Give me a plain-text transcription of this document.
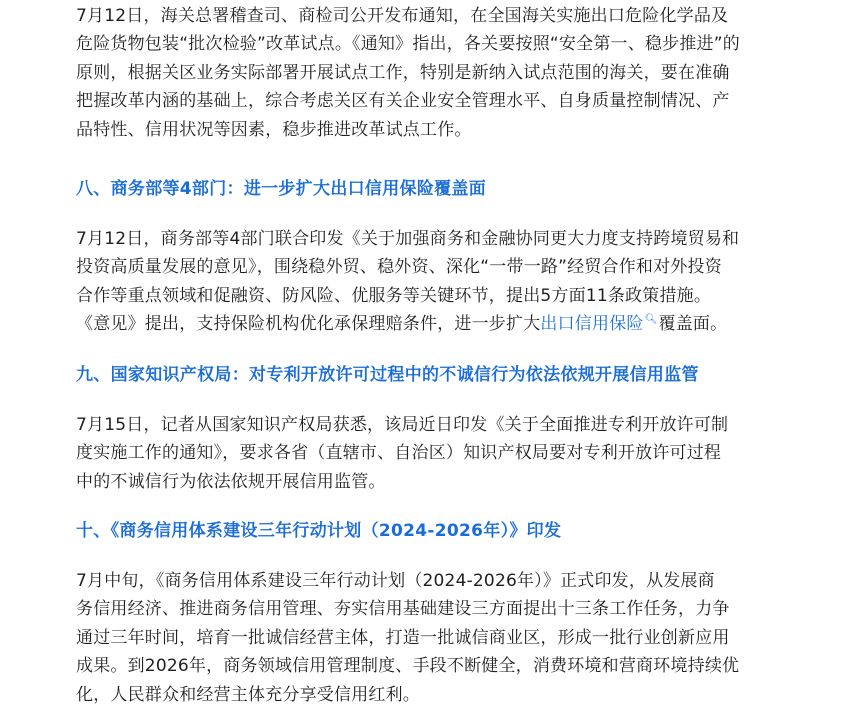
7月12日，海关总署稽查司、商检司公开发布通知，在全国海关实施出口危险化学品及
危险货物包装“批次检验”改革试点。《通知》指出，各关要按照“安全第一、稳步推进”的
原则，根据关区业务实际部署开展试点工作，特别是新纳入试点范围的海关，要在准确
把握改革内涵的基础上，综合考虑关区有关企业安全管理水平、自身质量控制情况、产
品特性、信用状况等因素，稳步推进改革试点工作。

八、商务部等4部门：进一步扩大出口信用保险覆盖面

7月12日，商务部等4部门联合印发《关于加强商务和金融协同更大力度支持跨境贸易和
投资高质量发展的意见》，围绕稳外贸、稳外资、深化“一带一路”经贸合作和对外投资
合作等重点领域和促融资、防风险、优服务等关键环节，提出5方面11条政策措施。
《意见》提出，支持保险机构优化承保理赔条件，进一步扩大出口信用保险🔍︎覆盖面。

九、国家知识产权局：对专利开放许可过程中的不诚信行为依法依规开展信用监管

7月15日，记者从国家知识产权局获悉，该局近日印发《关于全面推进专利开放许可制
度实施工作的通知》，要求各省（直辖市、自治区）知识产权局要对专利开放许可过程
中的不诚信行为依法依规开展信用监管。

十、《商务信用体系建设三年行动计划（2024-2026年）》印发

7月中旬，《商务信用体系建设三年行动计划（2024-2026年）》正式印发，从发展商
务信用经济、推进商务信用管理、夯实信用基础建设三方面提出十三条工作任务，力争
通过三年时间，培育一批诚信经营主体，打造一批诚信商业区，形成一批行业创新应用
成果。到2026年，商务领域信用管理制度、手段不断健全，消费环境和营商环境持续优
化，人民群众和经营主体充分享受信用红利。
